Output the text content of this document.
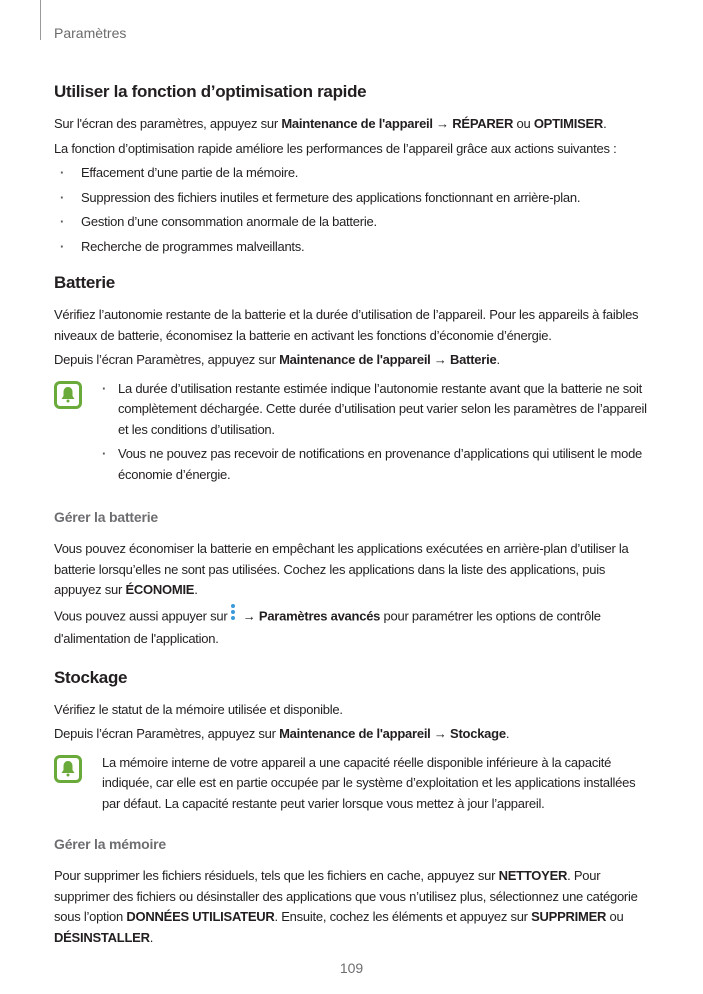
Paramètres
Utiliser la fonction d’optimisation rapide

Sur l'écran des paramètres, appuyez sur Maintenance de l'appareil → RÉPARER ou OPTIMISER.

La fonction d’optimisation rapide améliore les performances de l’appareil grâce aux actions suivantes :

· Effacement d’une partie de la mémoire.
· Suppression des fichiers inutiles et fermeture des applications fonctionnant en arrière-plan.
· Gestion d’une consommation anormale de la batterie.
· Recherche de programmes malveillants.
Batterie

Vérifiez l’autonomie restante de la batterie et la durée d’utilisation de l’appareil. Pour les appareils à faibles niveaux de batterie, économisez la batterie en activant les fonctions d’économie d’énergie.

Depuis l’écran Paramètres, appuyez sur Maintenance de l'appareil → Batterie.

· La durée d’utilisation restante estimée indique l’autonomie restante avant que la batterie ne soit complètement déchargée. Cette durée d’utilisation peut varier selon les paramètres de l’appareil et les conditions d’utilisation.
· Vous ne pouvez pas recevoir de notifications en provenance d’applications qui utilisent le mode économie d’énergie.
Gérer la batterie

Vous pouvez économiser la batterie en empêchant les applications exécutées en arrière-plan d’utiliser la batterie lorsqu’elles ne sont pas utilisées. Cochez les applications dans la liste des applications, puis appuyez sur ÉCONOMIE.

Vous pouvez aussi appuyer sur → Paramètres avancés pour paramétrer les options de contrôle d'alimentation de l'application.

Stockage

Vérifiez le statut de la mémoire utilisée et disponible.

Depuis l’écran Paramètres, appuyez sur Maintenance de l'appareil → Stockage.

La mémoire interne de votre appareil a une capacité réelle disponible inférieure à la capacité indiquée, car elle est en partie occupée par le système d’exploitation et les applications installées par défaut. La capacité restante peut varier lorsque vous mettez à jour l’appareil.

Gérer la mémoire

Pour supprimer les fichiers résiduels, tels que les fichiers en cache, appuyez sur NETTOYER. Pour supprimer des fichiers ou désinstaller des applications que vous n’utilisez plus, sélectionnez une catégorie sous l’option DONNÉES UTILISATEUR. Ensuite, cochez les éléments et appuyez sur SUPPRIMER ou DÉSINSTALLER.

109
